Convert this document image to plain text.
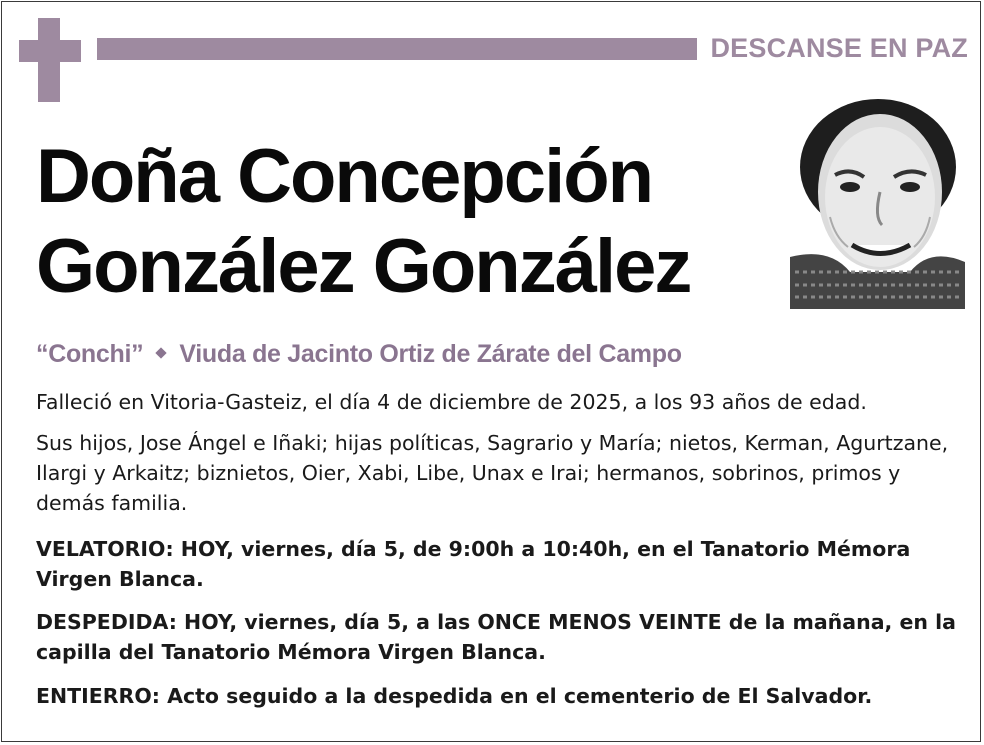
DESCANSE EN PAZ
Doña Concepción
González González
“Conchi” Viuda de Jacinto Ortiz de Zárate del Campo
Falleció en Vitoria-Gasteiz, el día 4 de diciembre de 2025, a los 93 años de edad.
Sus hijos, Jose Ángel e Iñaki; hijas políticas, Sagrario y María; nietos, Kerman, Agurtzane, Ilargi y Arkaitz; biznietos, Oier, Xabi, Libe, Unax e Irai; hermanos, sobrinos, primos y demás familia.
VELATORIO: HOY, viernes, día 5, de 9:00h a 10:40h, en el Tanatorio Mémora Virgen Blanca.
DESPEDIDA: HOY, viernes, día 5, a las ONCE MENOS VEINTE de la mañana, en la capilla del Tanatorio Mémora Virgen Blanca.
ENTIERRO: Acto seguido a la despedida en el cementerio de El Salvador.
